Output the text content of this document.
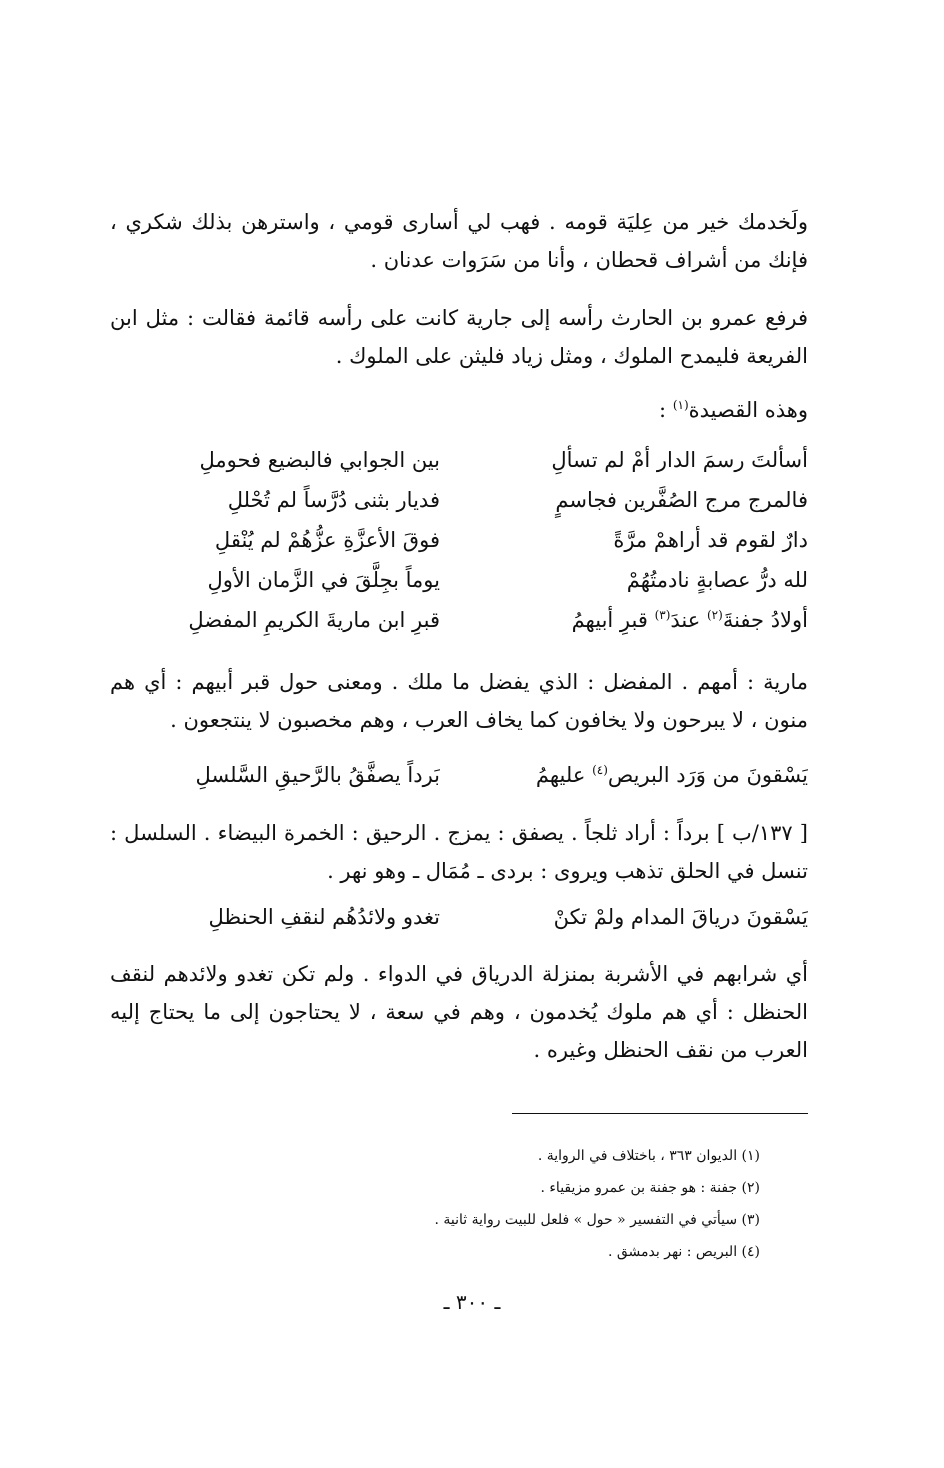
ولَخدمك خير من عِليَة قومه . فهب لي أسارى قومي ، واسترهن بذلك شكري ، فإنك من أشراف قحطان ، وأنا من سَرَوات عدنان .

فرفع عمرو بن الحارث رأسه إلى جارية كانت على رأسه قائمة فقالت : مثل ابن الفريعة فليمدح الملوك ، ومثل زياد فليثن على الملوك .

وهذه القصيدة$^{(١)}$ :

أسألتَ رسمَ الدار أمْ لم تسألِ
بين الجوابي فالبضيع فحوملِ
فالمرج مرج الصُفَّرين فجاسمٍ
فديار بثنى دُرَّساً لم تُحْللِ
دارٌ لقوم قد أراهمْ مرَّةً
فوقَ الأعزَّةِ عزُّهُمْ لم يُنْقلِ
لله درُّ عصابةٍ نادمتُهُمْ
يوماً بجِلَّقَ في الزَّمان الأولِ
أولادُ جفنةَ$^{(٢)}$ عندَ$^{(٣)}$ قبرِ أبيهمُ
قبرِ ابن ماريةَ الكريمِ المفضلِ

مارية : أمهم . المفضل : الذي يفضل ما ملك . ومعنى حول قبر أبيهم : أي هم منون ، لا يبرحون ولا يخافون كما يخاف العرب ، وهم مخصبون لا ينتجعون .

يَسْقونَ من وَرَد البريص$^{(٤)}$ عليهمُ
بَرداً يصفَّقُ بالرَّحيقِ السَّلسلِ

[ ١٣٧/ب ] برداً : أراد ثلجاً . يصفق : يمزج . الرحيق : الخمرة البيضاء . السلسل : تنسل في الحلق تذهب ويروى : بردى ـ مُمَال ـ وهو نهر .

يَسْقونَ درياقَ المدام ولمْ تكنْ
تغدو ولائدُهُم لنقفِ الحنظلِ

أي شرابهم في الأشربة بمنزلة الدرياق في الدواء . ولم تكن تغدو ولائدهم لنقف الحنظل : أي هم ملوك يُخدمون ، وهم في سعة ، لا يحتاجون إلى ما يحتاج إليه العرب من نقف الحنظل وغيره .

(١) الديوان ٣٦٣ ، باختلاف في الرواية .
(٢) جفنة : هو جفنة بن عمرو مزيقياء .
(٣) سيأتي في التفسير « حول » فلعل للبيت رواية ثانية .
(٤) البريص : نهر بدمشق .
ـ ٣٠٠ ـ
